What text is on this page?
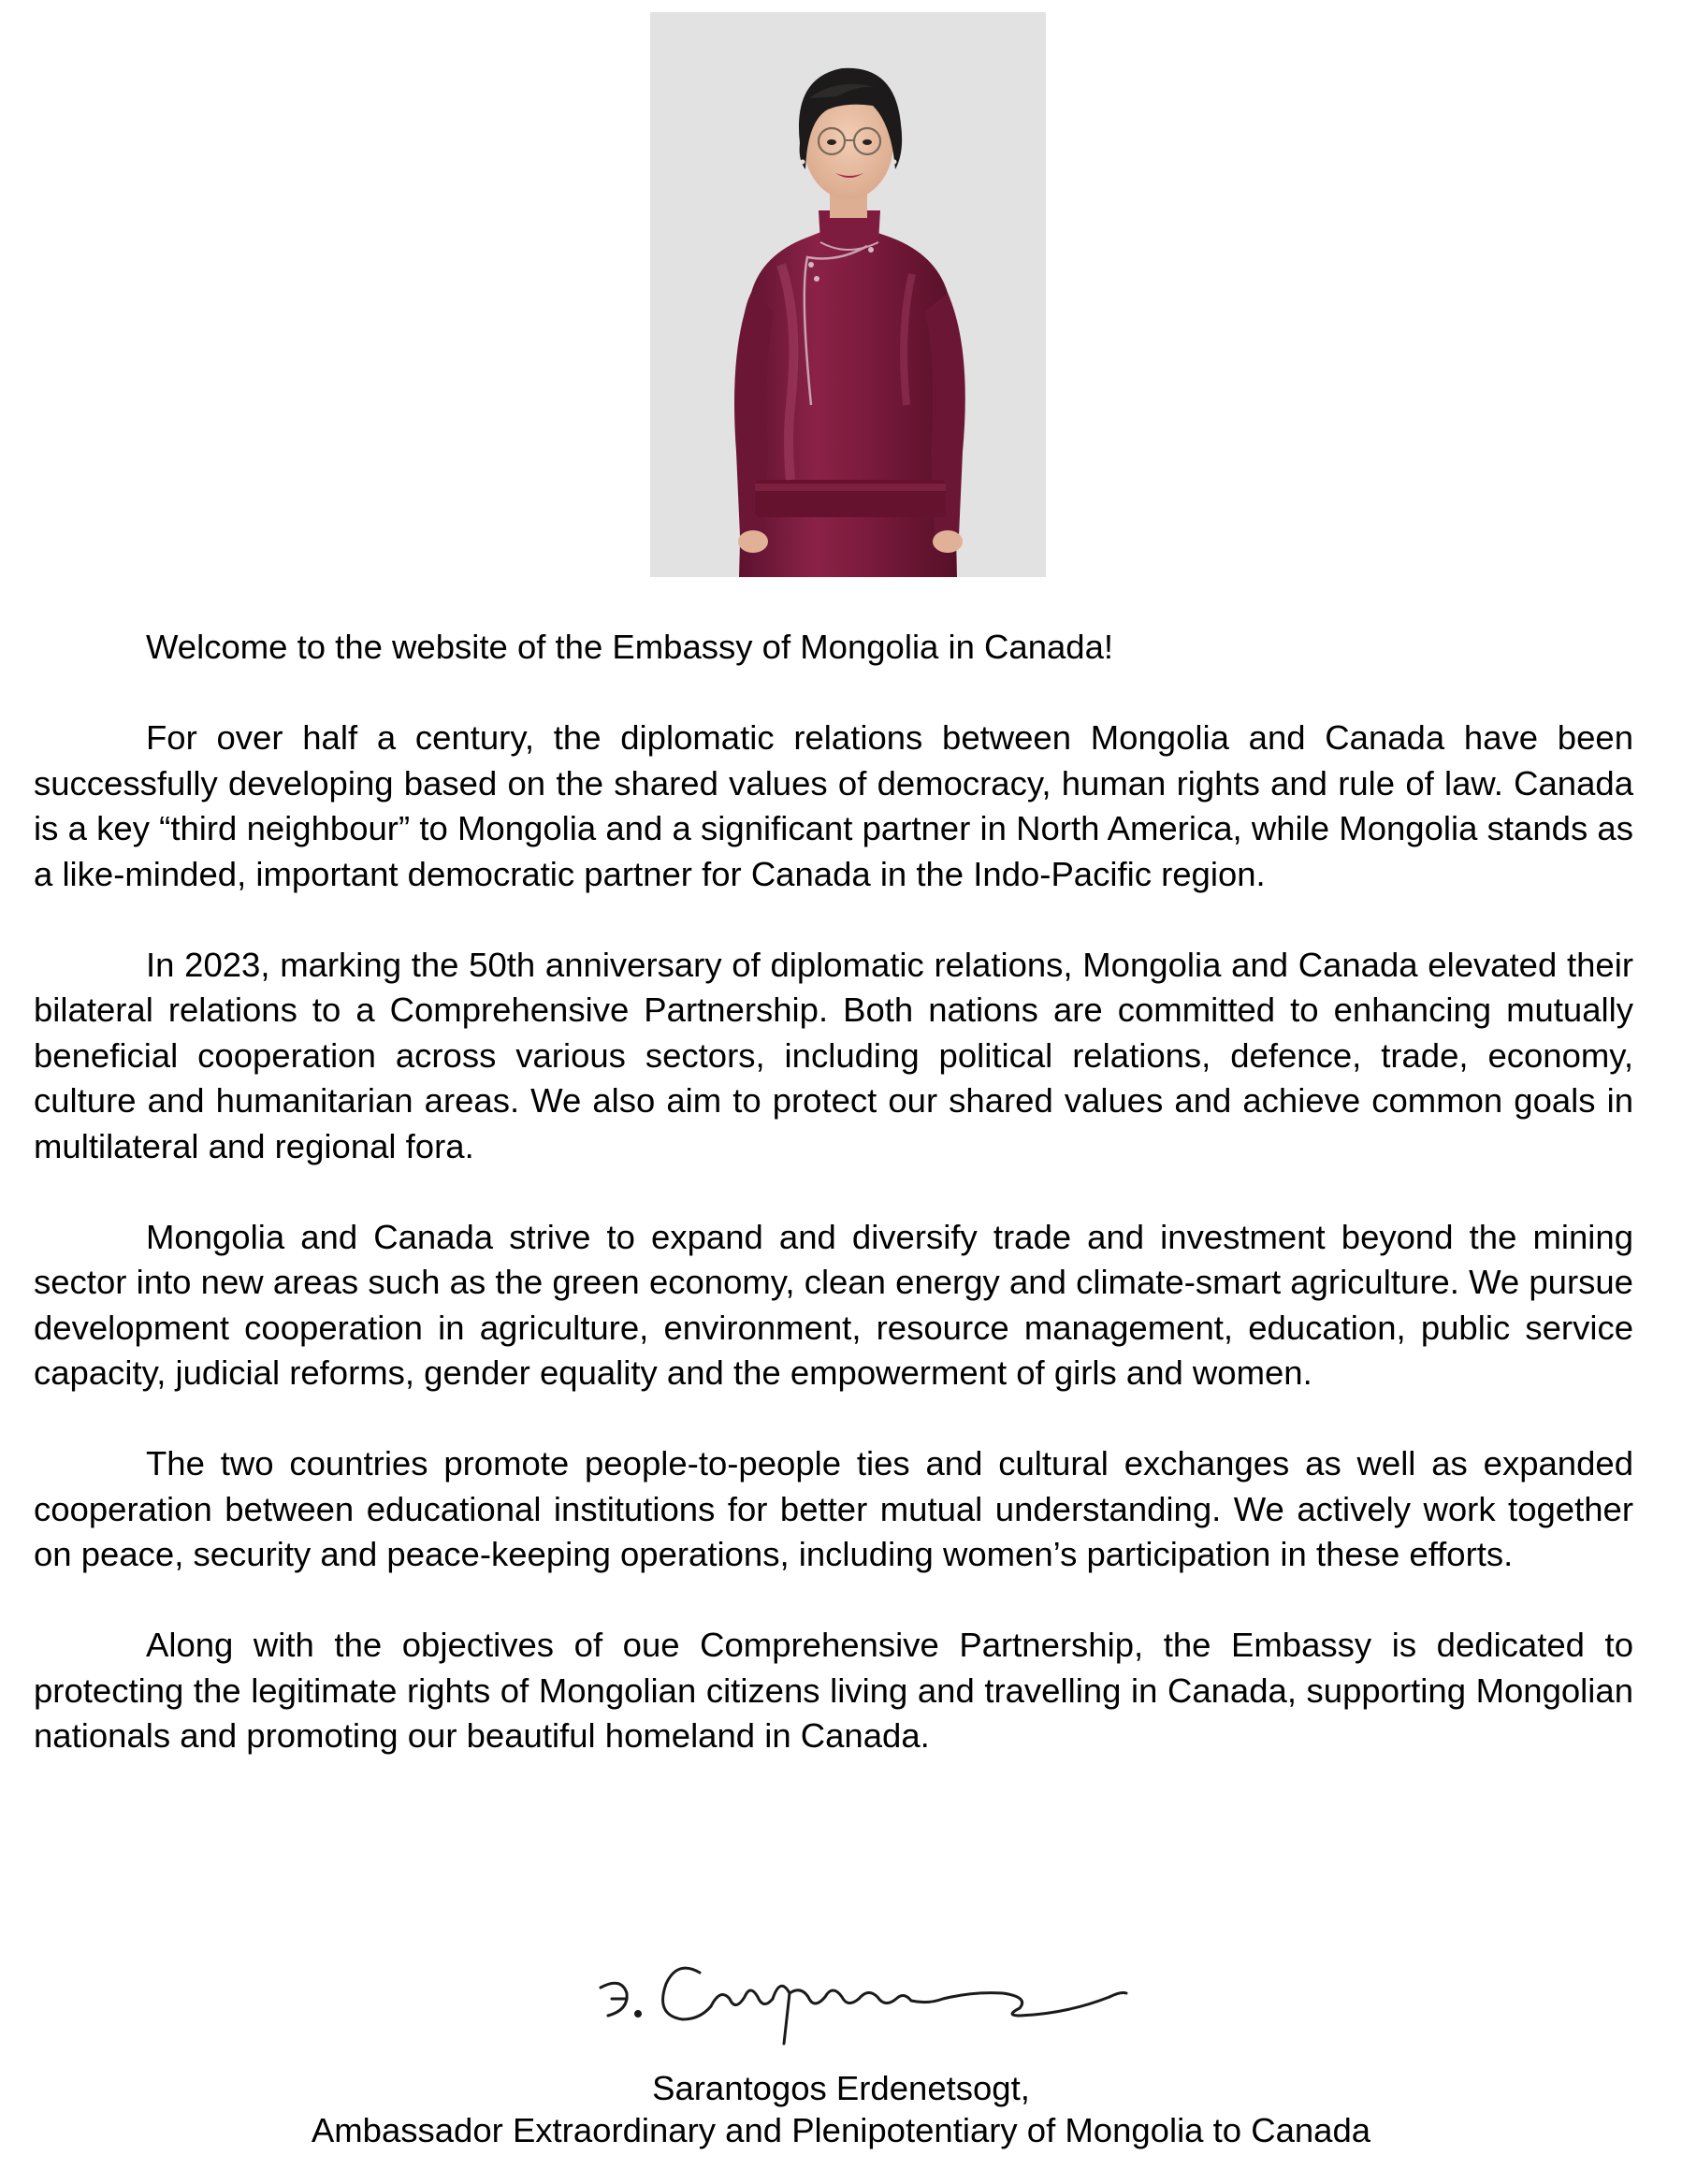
Welcome to the website of the Embassy of Mongolia in Canada!

For over half a century, the diplomatic relations between Mongolia and Canada have been successfully developing based on the shared values of democracy, human rights and rule of law. Canada is a key “third neighbour” to Mongolia and a significant partner in North America, while Mongolia stands as a like-minded, important democratic partner for Canada in the Indo-Pacific region.

In 2023, marking the 50th anniversary of diplomatic relations, Mongolia and Canada elevated their bilateral relations to a Comprehensive Partnership. Both nations are committed to enhancing mutually beneficial cooperation across various sectors, including political relations, defence, trade, economy, culture and humanitarian areas. We also aim to protect our shared values and achieve common goals in multilateral and regional fora.

Mongolia and Canada strive to expand and diversify trade and investment beyond the mining sector into new areas such as the green economy, clean energy and climate-smart agriculture. We pursue development cooperation in agriculture, environment, resource management, education, public service capacity, judicial reforms, gender equality and the empowerment of girls and women.

The two countries promote people-to-people ties and cultural exchanges as well as expanded cooperation between educational institutions for better mutual understanding. We actively work together on peace, security and peace-keeping operations, including women’s participation in these efforts.

Along with the objectives of oue Comprehensive Partnership, the Embassy is dedicated to protecting the legitimate rights of Mongolian citizens living and travelling in Canada, supporting Mongolian nationals and promoting our beautiful homeland in Canada.

Sarantogos Erdenetsogt,
Ambassador Extraordinary and Plenipotentiary of Mongolia to Canada
